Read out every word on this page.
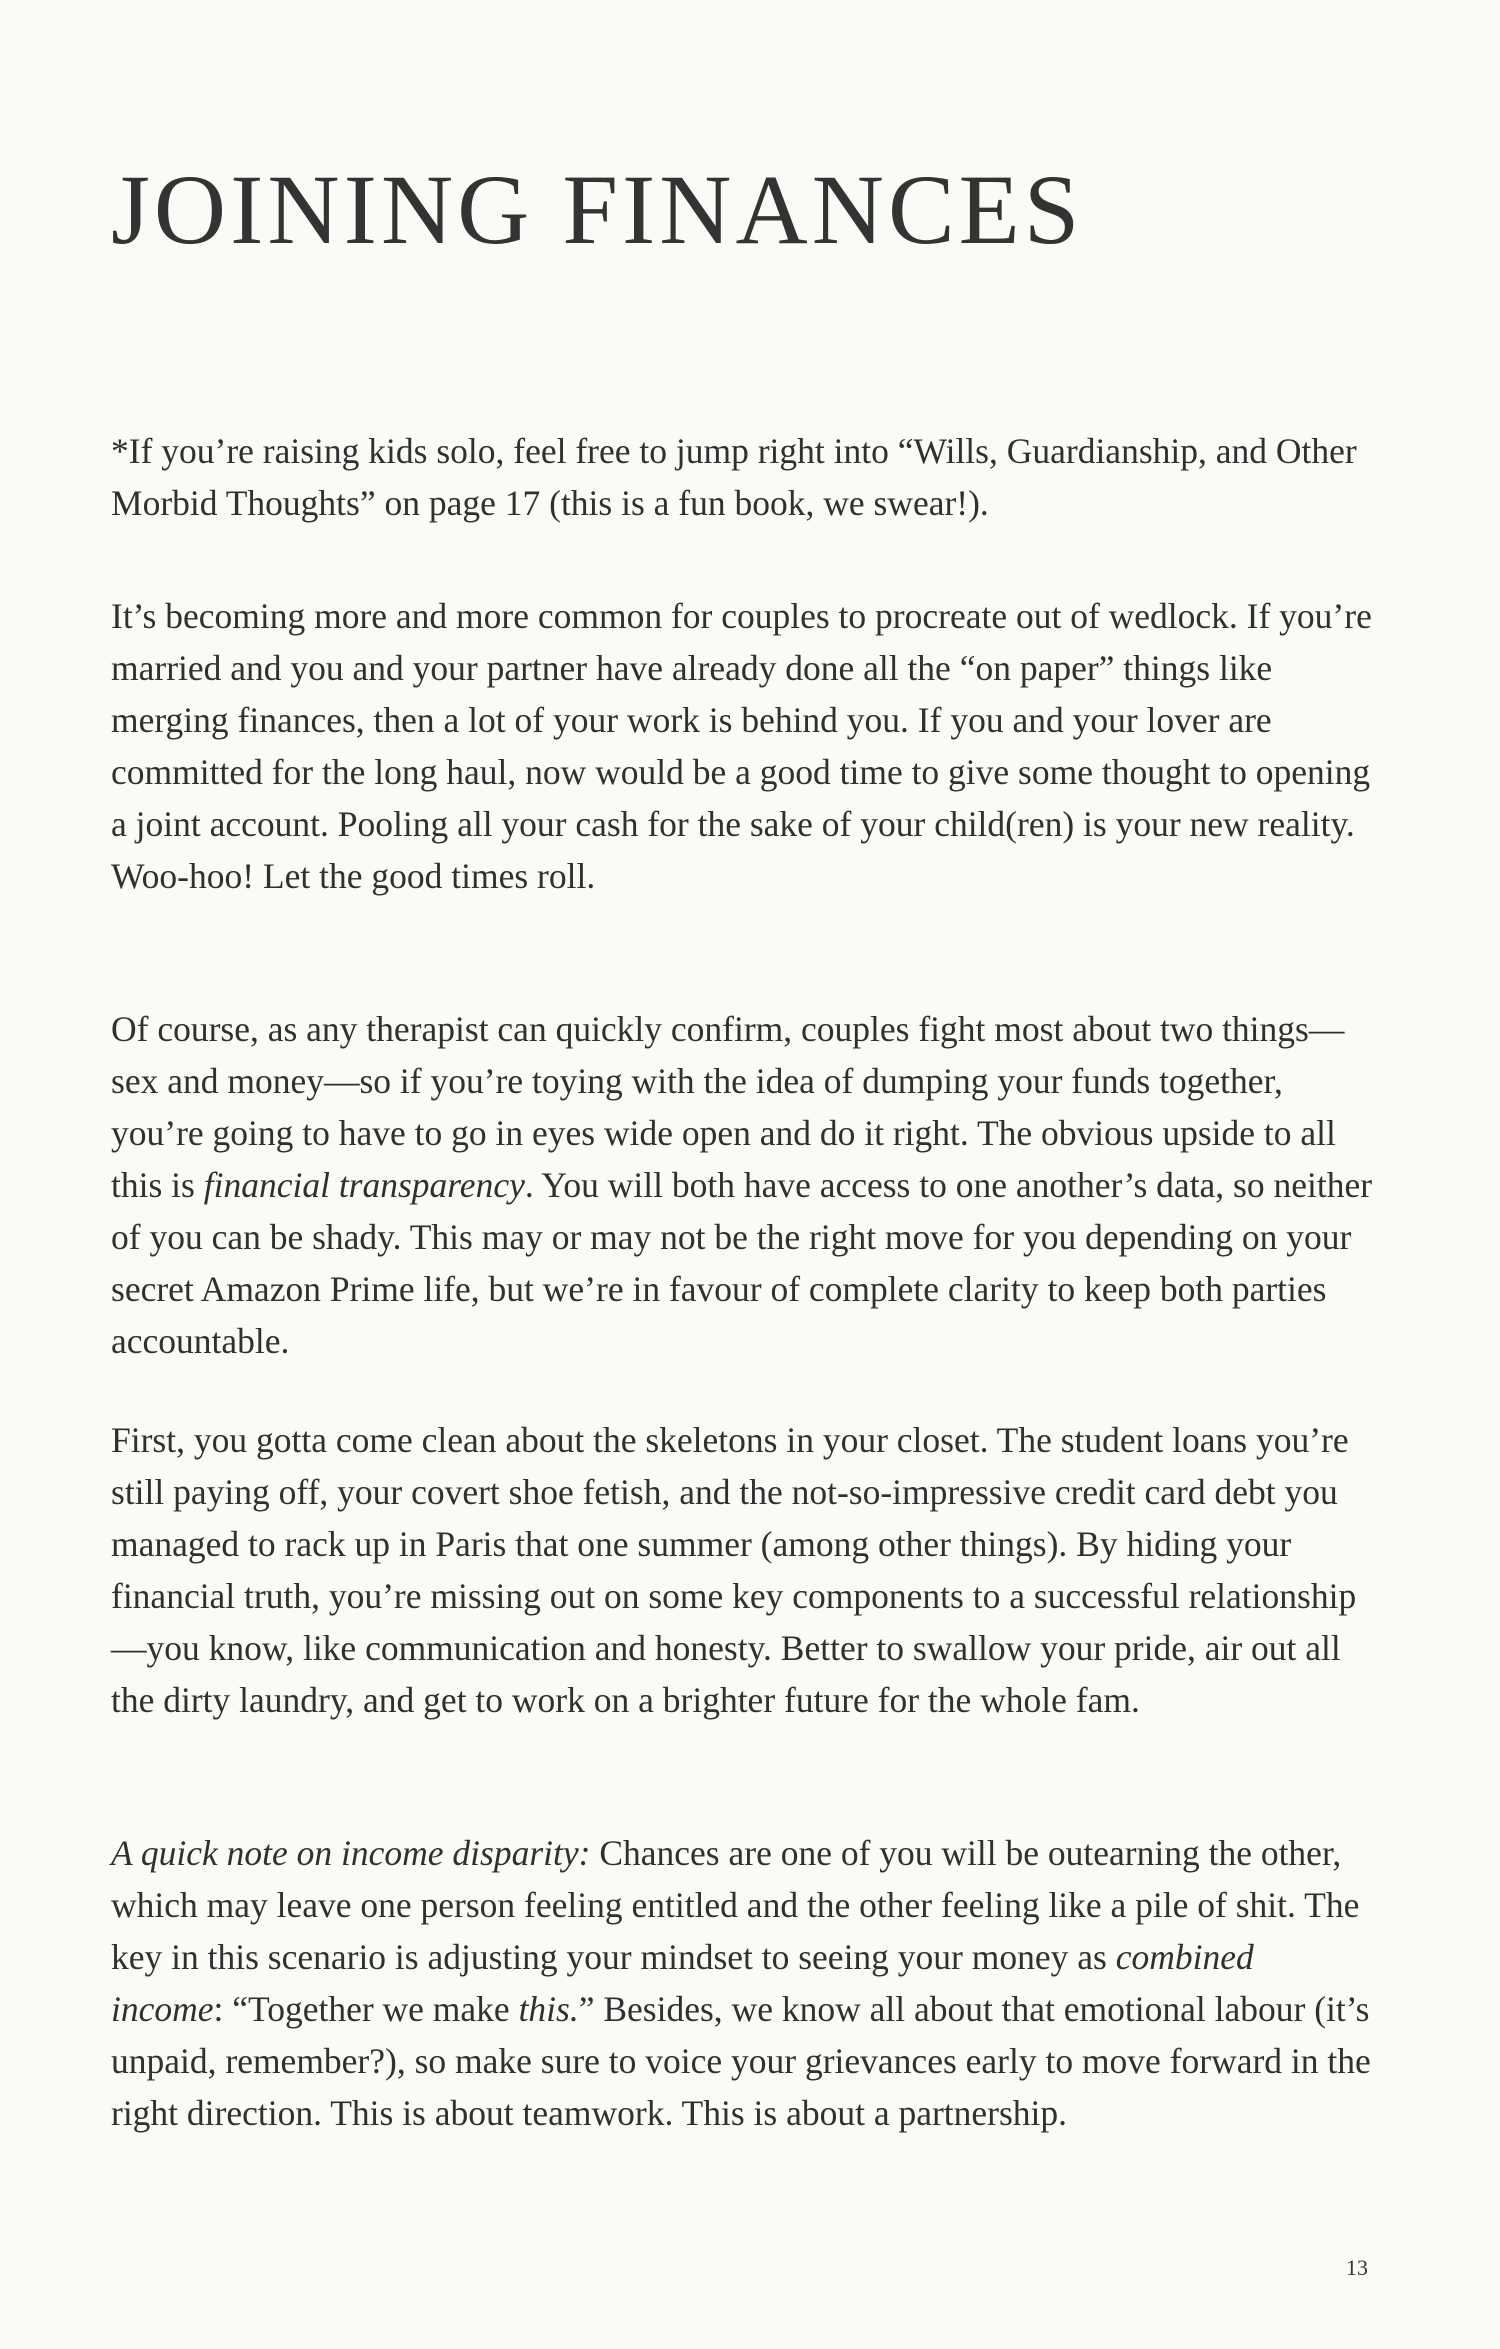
JOINING FINANCES

*If you’re raising kids solo, feel free to jump right into “Wills, Guardianship, and Other Morbid Thoughts” on page 17 (this is a fun book, we swear!).

It’s becoming more and more common for couples to procreate out of wedlock. If you’re married and you and your partner have already done all the “on paper” things like merging finances, then a lot of your work is behind you. If you and your lover are committed for the long haul, now would be a good time to give some thought to opening a joint account. Pooling all your cash for the sake of your child(ren) is your new reality. Woo-hoo! Let the good times roll.

Of course, as any therapist can quickly confirm, couples fight most about two things—sex and money—so if you’re toying with the idea of dumping your funds together, you’re going to have to go in eyes wide open and do it right. The obvious upside to all this is financial transparency. You will both have access to one another’s data, so neither of you can be shady. This may or may not be the right move for you depending on your secret Amazon Prime life, but we’re in favour of complete clarity to keep both parties accountable.

First, you gotta come clean about the skeletons in your closet. The student loans you’re still paying off, your covert shoe fetish, and the not-so-impressive credit card debt you managed to rack up in Paris that one summer (among other things). By hiding your financial truth, you’re missing out on some key components to a successful relationship—you know, like communication and honesty. Better to swallow your pride, air out all the dirty laundry, and get to work on a brighter future for the whole fam.

A quick note on income disparity: Chances are one of you will be outearning the other, which may leave one person feeling entitled and the other feeling like a pile of shit. The key in this scenario is adjusting your mindset to seeing your money as combined income: “Together we make this.” Besides, we know all about that emotional labour (it’s unpaid, remember?), so make sure to voice your grievances early to move forward in the right direction. This is about teamwork. This is about a partnership.

13
